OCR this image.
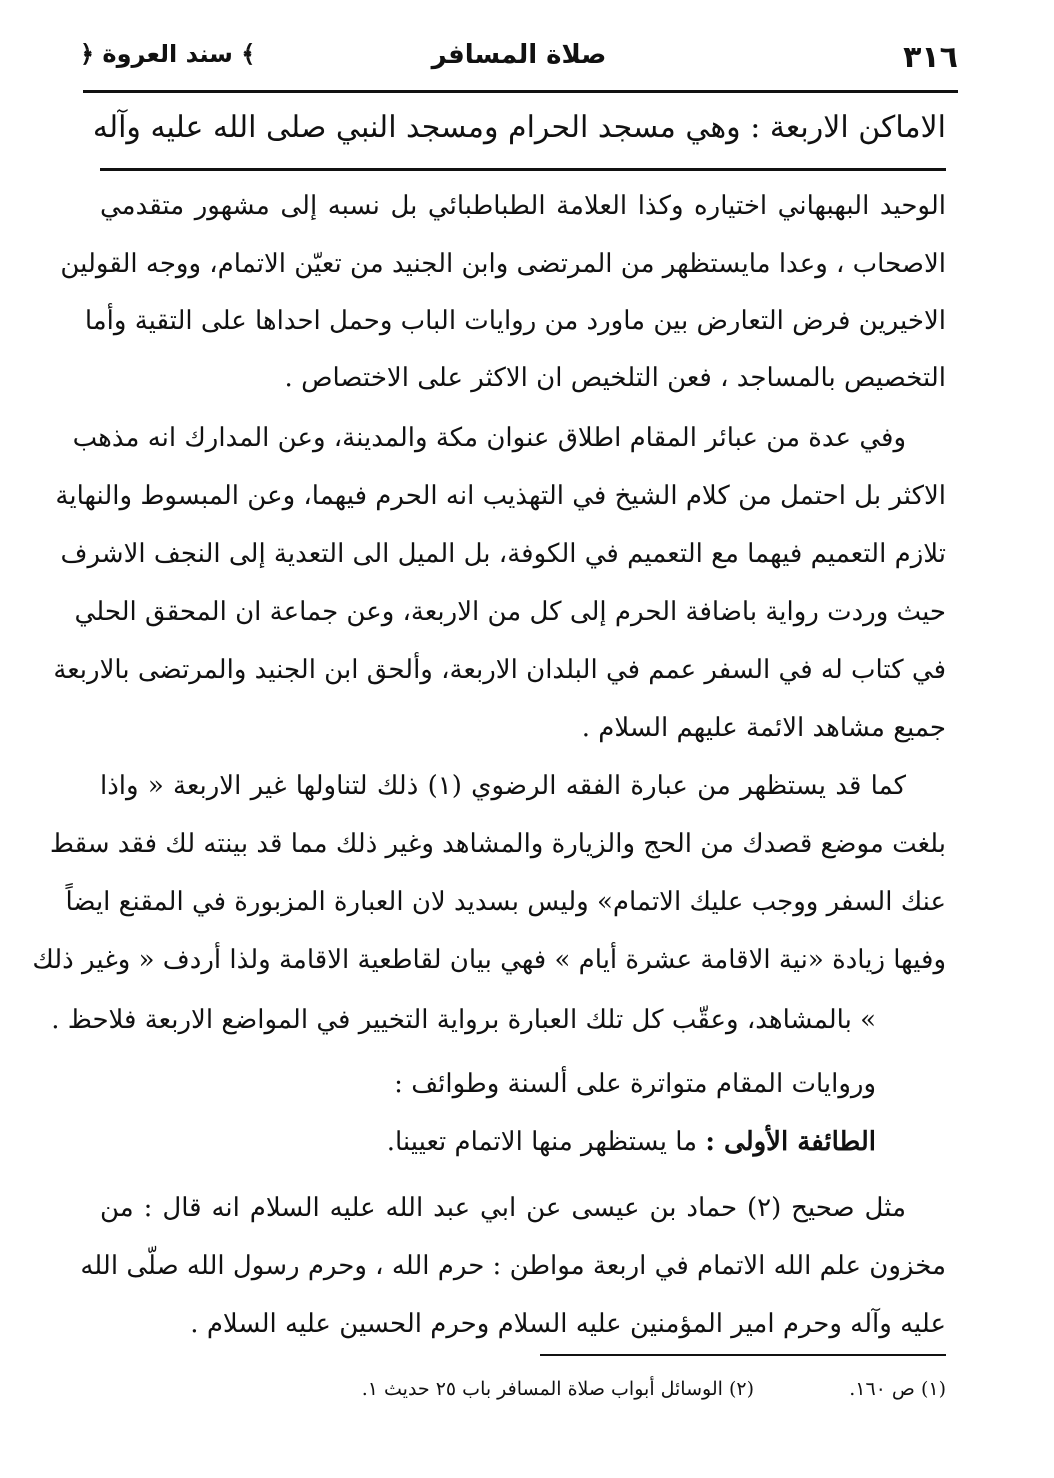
٣١٦
صلاة المسافر
﴿ سند العروة ﴾
الاماكن الاربعة : وهي مسجد الحرام ومسجد النبي صلى الله عليه وآله
الوحيد البهبهاني اختياره وكذا العلامة الطباطبائي بل نسبه إلى مشهور متقدمي
الاصحاب ، وعدا مايستظهر من المرتضى وابن الجنيد من تعيّن الاتمام، ووجه القولين
الاخيرين فرض التعارض بين ماورد من روايات الباب وحمل احداها على التقية وأما
التخصيص بالمساجد ، فعن التلخيص ان الاكثر على الاختصاص .
وفي عدة من عبائر المقام اطلاق عنوان مكة والمدينة، وعن المدارك انه مذهب
الاكثر بل احتمل من كلام الشيخ في التهذيب انه الحرم فيهما، وعن المبسوط والنهاية
تلازم التعميم فيهما مع التعميم في الكوفة، بل الميل الى التعدية إلى النجف الاشرف
حيث وردت رواية باضافة الحرم إلى كل من الاربعة، وعن جماعة ان المحقق الحلي
في كتاب له في السفر عمم في البلدان الاربعة، وألحق ابن الجنيد والمرتضى بالاربعة
جميع مشاهد الائمة عليهم السلام .
كما قد يستظهر من عبارة الفقه الرضوي (١) ذلك لتناولها غير الاربعة « واذا
بلغت موضع قصدك من الحج والزيارة والمشاهد وغير ذلك مما قد بينته لك فقد سقط
عنك السفر ووجب عليك الاتمام» وليس بسديد لان العبارة المزبورة في المقنع ايضاً
وفيها زيادة «نية الاقامة عشرة أيام » فهي بيان لقاطعية الاقامة ولذا أردف « وغير ذلك
» بالمشاهد، وعقّب كل تلك العبارة برواية التخيير في المواضع الاربعة فلاحظ .
وروايات المقام متواترة على ألسنة وطوائف :
الطائفة الأولى : ما يستظهر منها الاتمام تعيينا.
مثل صحيح (٢) حماد بن عيسى عن ابي عبد الله عليه السلام انه قال : من
مخزون علم الله الاتمام في اربعة مواطن : حرم الله ، وحرم رسول الله صلّى الله
عليه وآله وحرم امير المؤمنين عليه السلام وحرم الحسين عليه السلام .
(١) ص ١٦٠.
(٢) الوسائل أبواب صلاة المسافر باب ٢٥ حديث ١.
